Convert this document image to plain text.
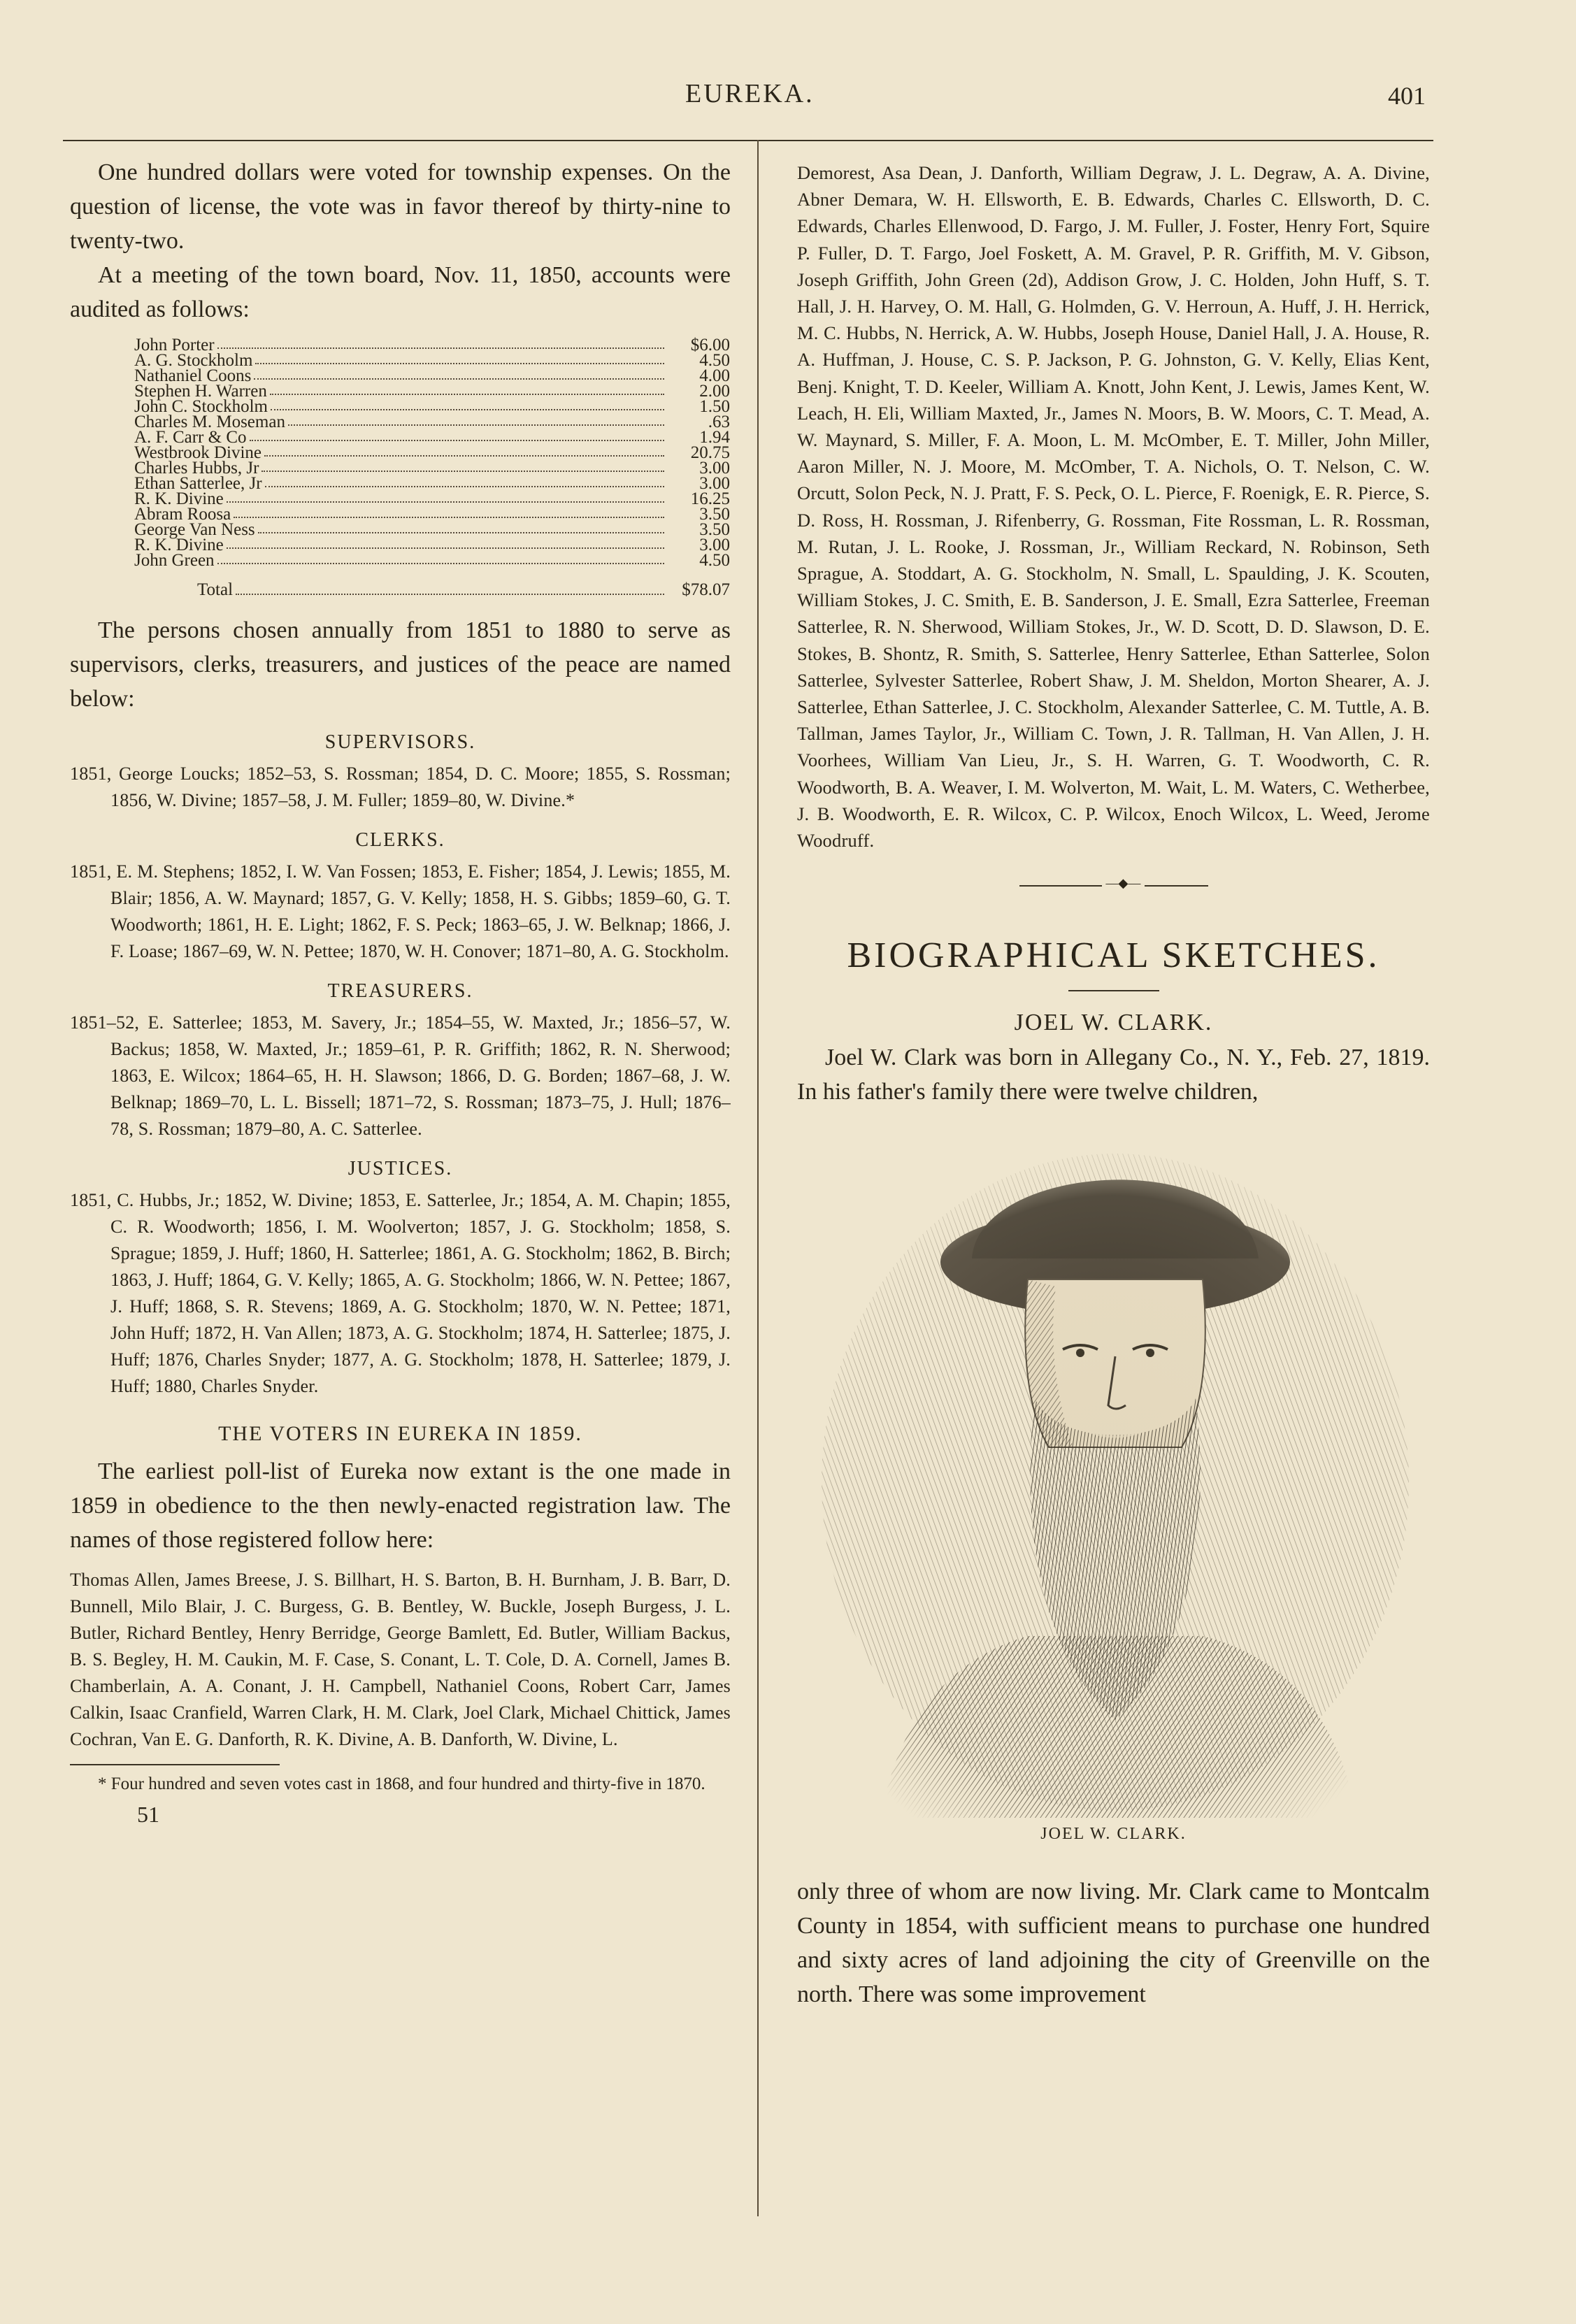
EUREKA.	401

One hundred dollars were voted for township expenses. On the question of license, the vote was in favor thereof by thirty-nine to twenty-two.

At a meeting of the town board, Nov. 11, 1850, accounts were audited as follows:

John Porter	$6.00
A. G. Stockholm	4.50
Nathaniel Coons	4.00
Stephen H. Warren	2.00
John C. Stockholm	1.50
Charles M. Moseman	.63
A. F. Carr & Co	1.94
Westbrook Divine	20.75
Charles Hubbs, Jr	3.00
Ethan Satterlee, Jr	3.00
R. K. Divine	16.25
Abram Roosa	3.50
George Van Ness	3.50
R. K. Divine	3.00
John Green	4.50
Total	$78.07

The persons chosen annually from 1851 to 1880 to serve as supervisors, clerks, treasurers, and justices of the peace are named below:

SUPERVISORS.

1851, George Loucks; 1852–53, S. Rossman; 1854, D. C. Moore; 1855, S. Rossman; 1856, W. Divine; 1857–58, J. M. Fuller; 1859–80, W. Divine.*

CLERKS.

1851, E. M. Stephens; 1852, I. W. Van Fossen; 1853, E. Fisher; 1854, J. Lewis; 1855, M. Blair; 1856, A. W. Maynard; 1857, G. V. Kelly; 1858, H. S. Gibbs; 1859–60, G. T. Woodworth; 1861, H. E. Light; 1862, F. S. Peck; 1863–65, J. W. Belknap; 1866, J. F. Loase; 1867–69, W. N. Pettee; 1870, W. H. Conover; 1871–80, A. G. Stockholm.

TREASURERS.

1851–52, E. Satterlee; 1853, M. Savery, Jr.; 1854–55, W. Maxted, Jr.; 1856–57, W. Backus; 1858, W. Maxted, Jr.; 1859–61, P. R. Griffith; 1862, R. N. Sherwood; 1863, E. Wilcox; 1864–65, H. H. Slawson; 1866, D. G. Borden; 1867–68, J. W. Belknap; 1869–70, L. L. Bissell; 1871–72, S. Rossman; 1873–75, J. Hull; 1876–78, S. Rossman; 1879–80, A. C. Satterlee.

JUSTICES.

1851, C. Hubbs, Jr.; 1852, W. Divine; 1853, E. Satterlee, Jr.; 1854, A. M. Chapin; 1855, C. R. Woodworth; 1856, I. M. Woolverton; 1857, J. G. Stockholm; 1858, S. Sprague; 1859, J. Huff; 1860, H. Satterlee; 1861, A. G. Stockholm; 1862, B. Birch; 1863, J. Huff; 1864, G. V. Kelly; 1865, A. G. Stockholm; 1866, W. N. Pettee; 1867, J. Huff; 1868, S. R. Stevens; 1869, A. G. Stockholm; 1870, W. N. Pettee; 1871, John Huff; 1872, H. Van Allen; 1873, A. G. Stockholm; 1874, H. Satterlee; 1875, J. Huff; 1876, Charles Snyder; 1877, A. G. Stockholm; 1878, H. Satterlee; 1879, J. Huff; 1880, Charles Snyder.

THE VOTERS IN EUREKA IN 1859.

The earliest poll-list of Eureka now extant is the one made in 1859 in obedience to the then newly-enacted registration law. The names of those registered follow here:

Thomas Allen, James Breese, J. S. Billhart, H. S. Barton, B. H. Burnham, J. B. Barr, D. Bunnell, Milo Blair, J. C. Burgess, G. B. Bentley, W. Buckle, Joseph Burgess, J. L. Butler, Richard Bentley, Henry Berridge, George Bamlett, Ed. Butler, William Backus, B. S. Begley, H. M. Caukin, M. F. Case, S. Conant, L. T. Cole, D. A. Cornell, James B. Chamberlain, A. A. Conant, J. H. Campbell, Nathaniel Coons, Robert Carr, James Calkin, Isaac Cranfield, Warren Clark, H. M. Clark, Joel Clark, Michael Chittick, James Cochran, Van E. G. Danforth, R. K. Divine, A. B. Danforth, W. Divine, L.

* Four hundred and seven votes cast in 1868, and four hundred and thirty-five in 1870.

51

Demorest, Asa Dean, J. Danforth, William Degraw, J. L. Degraw, A. A. Divine, Abner Demara, W. H. Ellsworth, E. B. Edwards, Charles C. Ellsworth, D. C. Edwards, Charles Ellenwood, D. Fargo, J. M. Fuller, J. Foster, Henry Fort, Squire P. Fuller, D. T. Fargo, Joel Foskett, A. M. Gravel, P. R. Griffith, M. V. Gibson, Joseph Griffith, John Green (2d), Addison Grow, J. C. Holden, John Huff, S. T. Hall, J. H. Harvey, O. M. Hall, G. Holmden, G. V. Herroun, A. Huff, J. H. Herrick, M. C. Hubbs, N. Herrick, A. W. Hubbs, Joseph House, Daniel Hall, J. A. House, R. A. Huffman, J. House, C. S. P. Jackson, P. G. Johnston, G. V. Kelly, Elias Kent, Benj. Knight, T. D. Keeler, William A. Knott, John Kent, J. Lewis, James Kent, W. Leach, H. Eli, William Maxted, Jr., James N. Moors, B. W. Moors, C. T. Mead, A. W. Maynard, S. Miller, F. A. Moon, L. M. McOmber, E. T. Miller, John Miller, Aaron Miller, N. J. Moore, M. McOmber, T. A. Nichols, O. T. Nelson, C. W. Orcutt, Solon Peck, N. J. Pratt, F. S. Peck, O. L. Pierce, F. Roenigk, E. R. Pierce, S. D. Ross, H. Rossman, J. Rifenberry, G. Rossman, Fite Rossman, L. R. Rossman, M. Rutan, J. L. Rooke, J. Rossman, Jr., William Reckard, N. Robinson, Seth Sprague, A. Stoddart, A. G. Stockholm, N. Small, L. Spaulding, J. K. Scouten, William Stokes, J. C. Smith, E. B. Sanderson, J. E. Small, Ezra Satterlee, Freeman Satterlee, R. N. Sherwood, William Stokes, Jr., W. D. Scott, D. D. Slawson, D. E. Stokes, B. Shontz, R. Smith, S. Satterlee, Henry Satterlee, Ethan Satterlee, Solon Satterlee, Sylvester Satterlee, Robert Shaw, J. M. Sheldon, Morton Shearer, A. J. Satterlee, Ethan Satterlee, J. C. Stockholm, Alexander Satterlee, C. M. Tuttle, A. B. Tallman, James Taylor, Jr., William C. Town, J. R. Tallman, H. Van Allen, J. H. Voorhees, William Van Lieu, Jr., S. H. Warren, G. T. Woodworth, C. R. Woodworth, B. A. Weaver, I. M. Wolverton, M. Wait, L. M. Waters, C. Wetherbee, J. B. Woodworth, E. R. Wilcox, C. P. Wilcox, Enoch Wilcox, L. Weed, Jerome Woodruff.

—◆—
BIOGRAPHICAL SKETCHES.
JOEL W. CLARK.

Joel W. Clark was born in Allegany Co., N. Y., Feb. 27, 1819. In his father's family there were twelve children,

JOEL W. CLARK.

only three of whom are now living. Mr. Clark came to Montcalm County in 1854, with sufficient means to purchase one hundred and sixty acres of land adjoining the city of Greenville on the north. There was some improvement
